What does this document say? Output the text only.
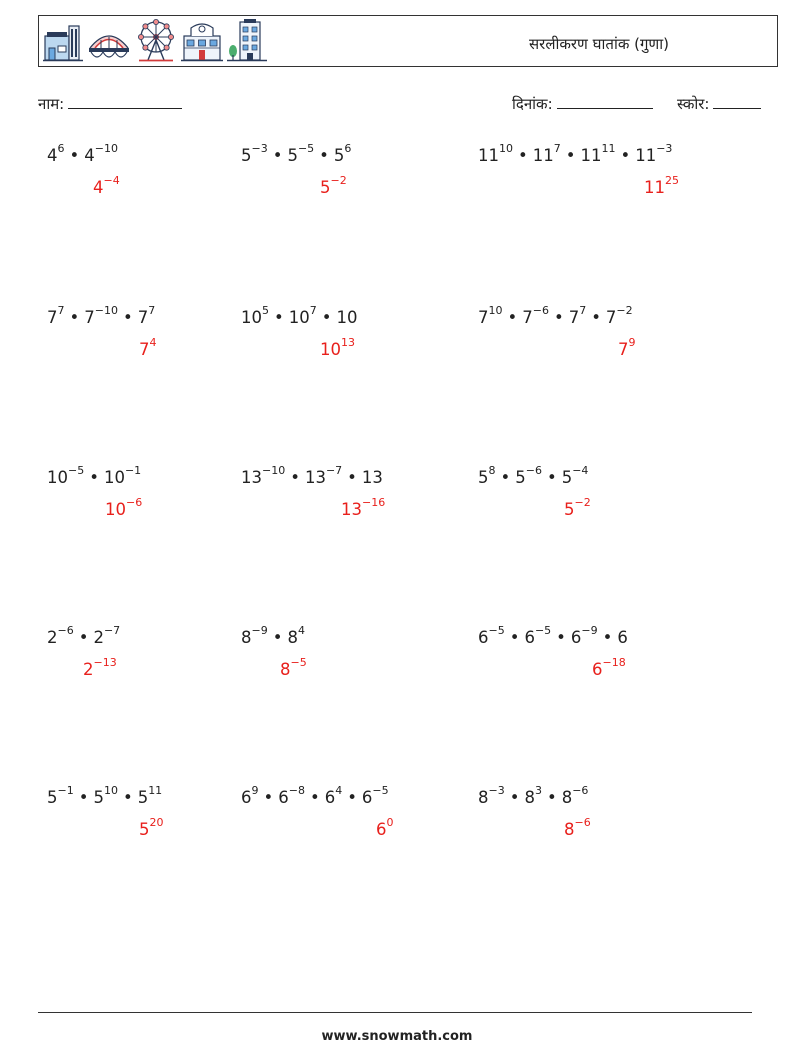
सरलीकरण घातांक (गुणा)
नाम:	दिनांक:	स्कोर:
$4^6$ • $4^{-10}$
$4^{-4}$
$5^{-3}$ • $5^{-5}$ • $5^6$
$5^{-2}$
$11^{10}$ • $11^7$ • $11^{11}$ • $11^{-3}$
$11^{25}$
$7^7$ • $7^{-10}$ • $7^7$
$7^4$
$10^5$ • $10^7$ • 10
$10^{13}$
$7^{10}$ • $7^{-6}$ • $7^7$ • $7^{-2}$
$7^9$
$10^{-5}$ • $10^{-1}$
$10^{-6}$
$13^{-10}$ • $13^{-7}$ • 13
$13^{-16}$
$5^8$ • $5^{-6}$ • $5^{-4}$
$5^{-2}$
$2^{-6}$ • $2^{-7}$
$2^{-13}$
$8^{-9}$ • $8^4$
$8^{-5}$
$6^{-5}$ • $6^{-5}$ • $6^{-9}$ • 6
$6^{-18}$
$5^{-1}$ • $5^{10}$ • $5^{11}$
$5^{20}$
$6^9$ • $6^{-8}$ • $6^4$ • $6^{-5}$
$6^0$
$8^{-3}$ • $8^3$ • $8^{-6}$
$8^{-6}$
www.snowmath.com
